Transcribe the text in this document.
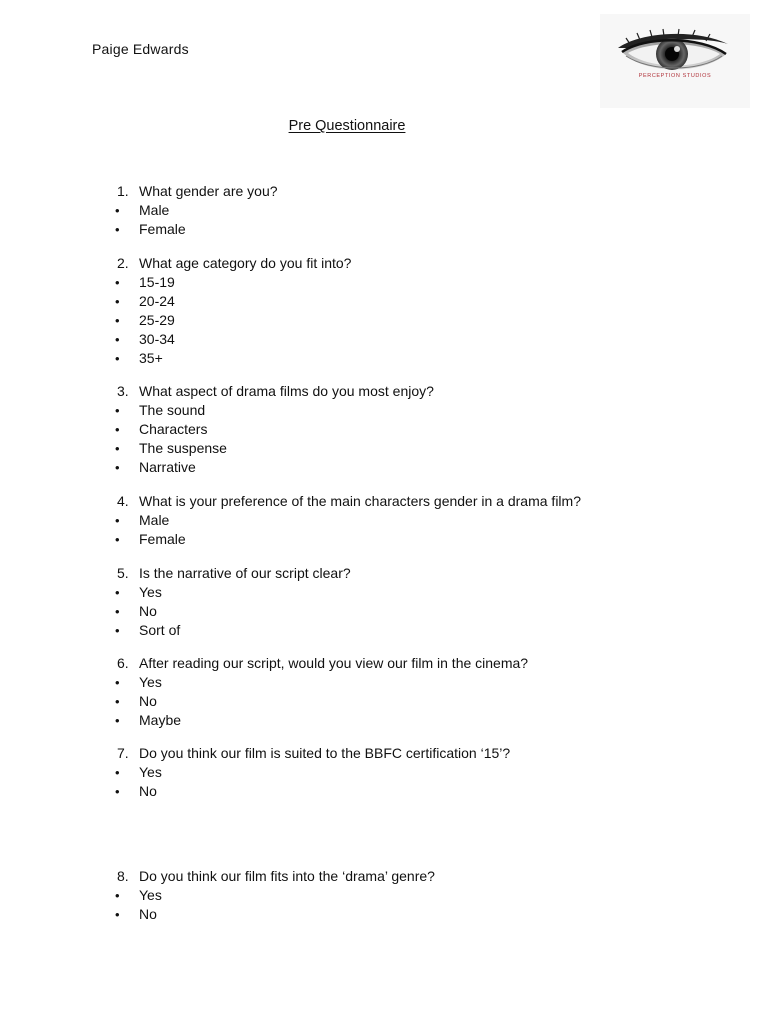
Paige Edwards
PERCEPTION STUDIOS
Pre Questionnaire
1. What gender are you?
•	Male
•	Female
2. What age category do you fit into?
•	15-19
•	20-24
•	25-29
•	30-34
•	35+
3. What aspect of drama films do you most enjoy?
•	The sound
•	Characters
•	The suspense
•	Narrative
4. What is your preference of the main characters gender in a drama film?
•	Male
•	Female
5. Is the narrative of our script clear?
•	Yes
•	No
•	Sort of
6. After reading our script, would you view our film in the cinema?
•	Yes
•	No
•	Maybe
7. Do you think our film is suited to the BBFC certification ‘15’?
•	Yes
•	No
8. Do you think our film fits into the ‘drama’ genre?
•	Yes
•	No
